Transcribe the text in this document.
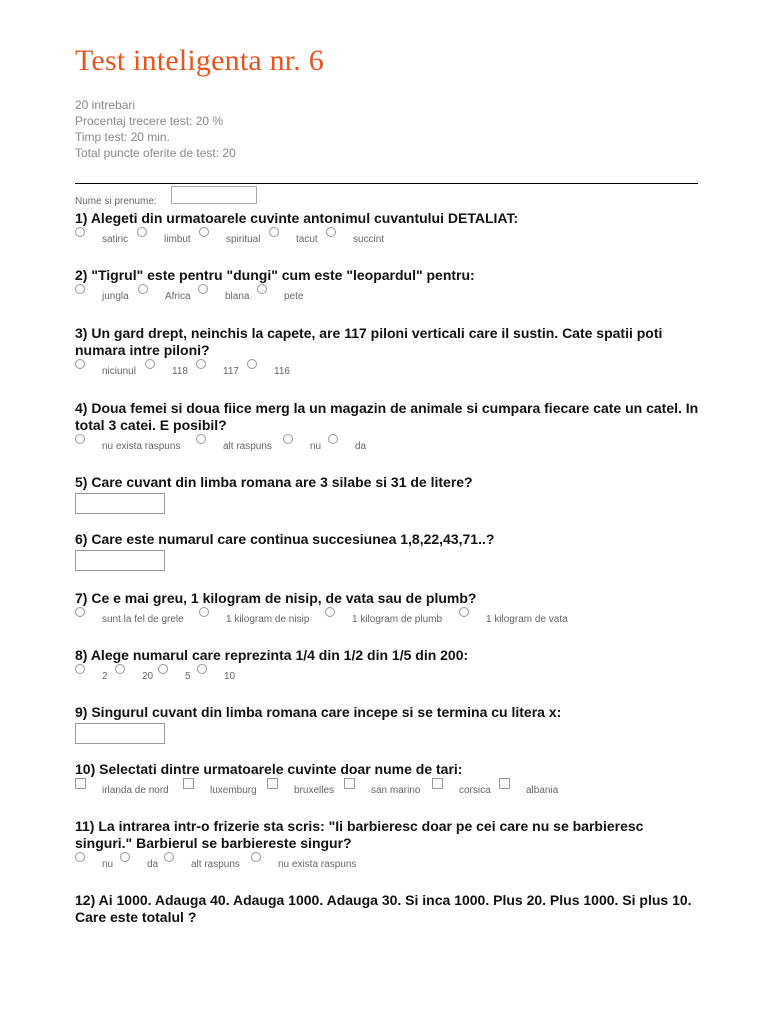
Test inteligenta nr. 6
20 intrebari
Procentaj trecere test: 20 %
Timp test: 20 min.
Total puncte oferite de test: 20
Nume si prenume:
1) Alegeti din urmatoarele cuvinte antonimul cuvantului DETALIAT:
satiric	limbut	spiritual	tacut	succint
2) "Tigrul" este pentru "dungi" cum este "leopardul" pentru:
jungla	Africa	blana	pete
3) Un gard drept, neinchis la capete, are 117 piloni verticali care il sustin. Cate spatii poti numara intre piloni?
niciunul	118	117	116
4) Doua femei si doua fiice merg la un magazin de animale si cumpara fiecare cate un catel. In total 3 catei. E posibil?
nu exista raspuns	alt raspuns	nu	da
5) Care cuvant din limba romana are 3 silabe si 31 de litere?
6) Care este numarul care continua succesiunea 1,8,22,43,71..?
7) Ce e mai greu, 1 kilogram de nisip, de vata sau de plumb?
sunt la fel de grele	1 kilogram de nisip	1 kilogram de plumb	1 kilogram de vata
8) Alege numarul care reprezinta 1/4 din 1/2 din 1/5 din 200:
2	20	5	10
9) Singurul cuvant din limba romana care incepe si se termina cu litera x:
10) Selectati dintre urmatoarele cuvinte doar nume de tari:
irlanda de nord	luxemburg	bruxelles	san marino	corsica	albania
11) La intrarea intr-o frizerie sta scris: "Ii barbieresc doar pe cei care nu se barbieresc singuri." Barbierul se barbiereste singur?
nu	da	alt raspuns	nu exista raspuns
12) Ai 1000. Adauga 40. Adauga 1000. Adauga 30. Si inca 1000. Plus 20. Plus 1000. Si plus 10. Care este totalul ?
